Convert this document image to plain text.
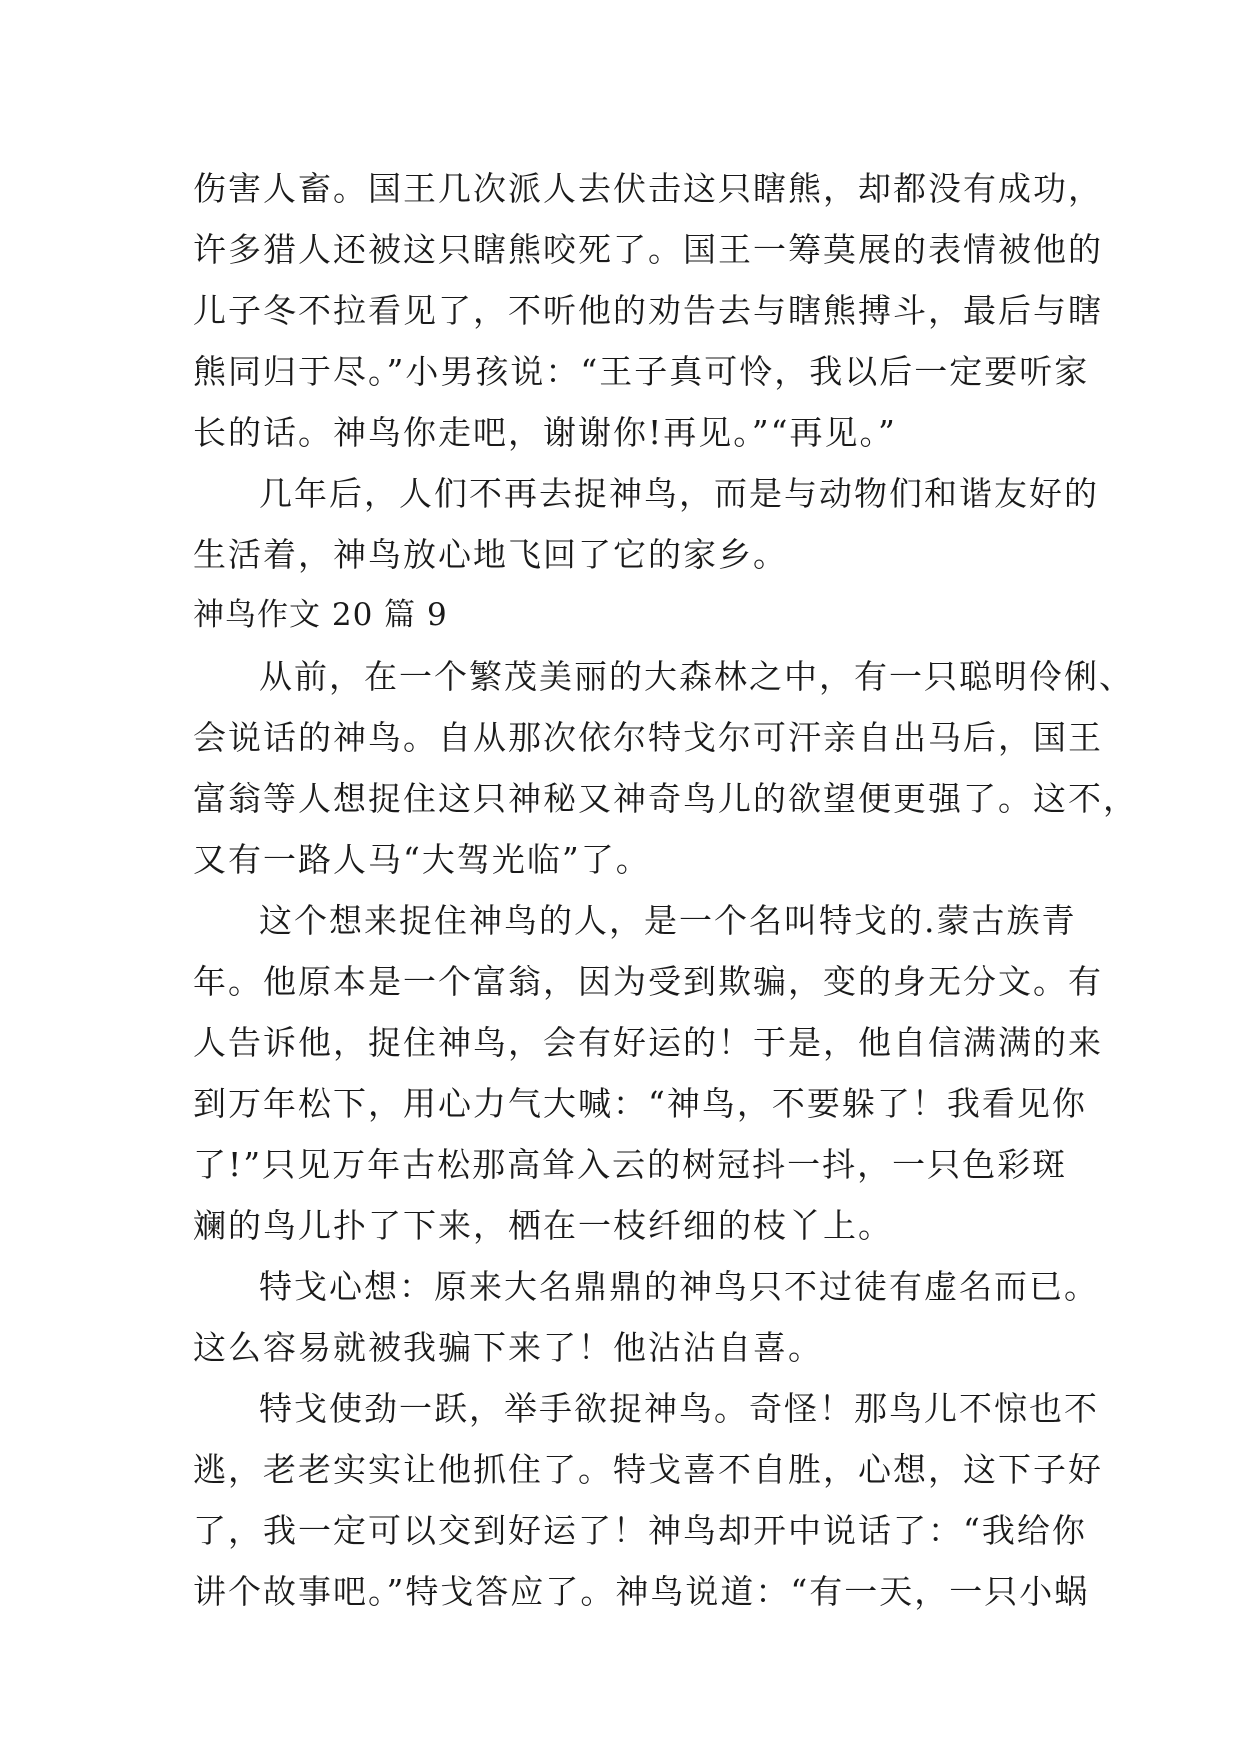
伤害人畜。国王几次派人去伏击这只瞎熊，却都没有成功，
许多猎人还被这只瞎熊咬死了。国王一筹莫展的表情被他的
儿子冬不拉看见了，不听他的劝告去与瞎熊搏斗，最后与瞎
熊同归于尽。”小男孩说：“王子真可怜，我以后一定要听家
长的话。神鸟你走吧，谢谢你!再见。”“再见。”
几年后，人们不再去捉神鸟，而是与动物们和谐友好的
生活着，神鸟放心地飞回了它的家乡。
神鸟作文 20 篇 9
从前，在一个繁茂美丽的大森林之中，有一只聪明伶俐、
会说话的神鸟。自从那次依尔特戈尔可汗亲自出马后，国王
富翁等人想捉住这只神秘又神奇鸟儿的欲望便更强了。这不，
又有一路人马“大驾光临”了。
这个想来捉住神鸟的人，是一个名叫特戈的.蒙古族青
年。他原本是一个富翁，因为受到欺骗，变的身无分文。有
人告诉他，捉住神鸟，会有好运的！于是，他自信满满的来
到万年松下，用心力气大喊：“神鸟，不要躲了！我看见你
了!”只见万年古松那高耸入云的树冠抖一抖，一只色彩斑
斓的鸟儿扑了下来，栖在一枝纤细的枝丫上。
特戈心想：原来大名鼎鼎的神鸟只不过徒有虚名而已。
这么容易就被我骗下来了！他沾沾自喜。
特戈使劲一跃，举手欲捉神鸟。奇怪！那鸟儿不惊也不
逃，老老实实让他抓住了。特戈喜不自胜，心想，这下子好
了，我一定可以交到好运了！神鸟却开中说话了：“我给你
讲个故事吧。”特戈答应了。神鸟说道：“有一天，一只小蜗
